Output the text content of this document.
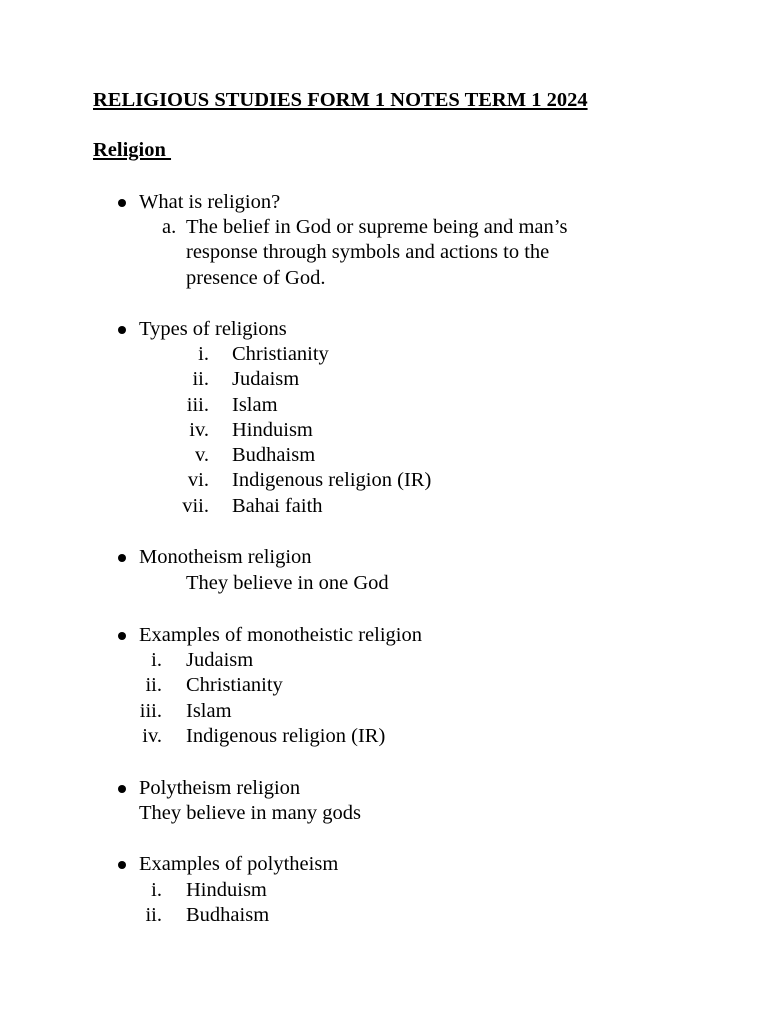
RELIGIOUS STUDIES FORM 1 NOTES TERM 1 2024
Religion
What is religion?
a. The belief in God or supreme being and man’s
response through symbols and actions to the
presence of God.
Types of religions
i. Christianity
ii. Judaism
iii. Islam
iv. Hinduism
v. Budhaism
vi. Indigenous religion (IR)
vii. Bahai faith
Monotheism religion
They believe in one God
Examples of monotheistic religion
i. Judaism
ii. Christianity
iii. Islam
iv. Indigenous religion (IR)
Polytheism religion
They believe in many gods
Examples of polytheism
i. Hinduism
ii. Budhaism
